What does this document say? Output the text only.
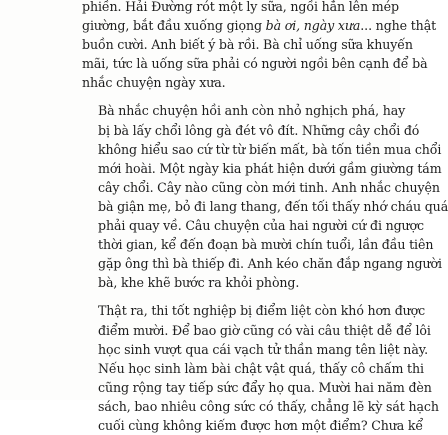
phiền. Hải Đường rót một ly sữa, ngồi hẳn lên mép
giường, bắt đầu xuống giọng bà ơi, ngày xưa... nghe thật
buồn cười. Anh biết ý bà rồi. Bà chỉ uống sữa khuyến
mãi, tức là uống sữa phải có người ngồi bên cạnh để bà
nhắc chuyện ngày xưa.

Bà nhắc chuyện hồi anh còn nhỏ nghịch phá, hay
bị bà lấy chổi lông gà đét vô đít. Những cây chổi đó
không hiểu sao cứ từ từ biến mất, bà tốn tiền mua chổi
mới hoài. Một ngày kia phát hiện dưới gầm giường tám
cây chổi. Cây nào cũng còn mới tinh. Anh nhắc chuyện
bà giận mẹ, bỏ đi lang thang, đến tối thấy nhớ cháu quá
phải quay về. Câu chuyện của hai người cứ đi ngược
thời gian, kể đến đoạn bà mười chín tuổi, lần đầu tiên
gặp ông thì bà thiếp đi. Anh kéo chăn đắp ngang người
bà, khe khẽ bước ra khỏi phòng.

Thật ra, thi tốt nghiệp bị điểm liệt còn khó hơn được
điểm mười. Để bao giờ cũng có vài câu thiệt dễ để lôi
học sinh vượt qua cái vạch tử thần mang tên liệt này.
Nếu học sinh làm bài chật vật quá, thấy cô chấm thi
cũng rộng tay tiếp sức đẩy họ qua. Mười hai năm đèn
sách, bao nhiêu công sức có thấy, chẳng lẽ kỳ sát hạch
cuối cùng không kiếm được hơn một điểm? Chưa kể
